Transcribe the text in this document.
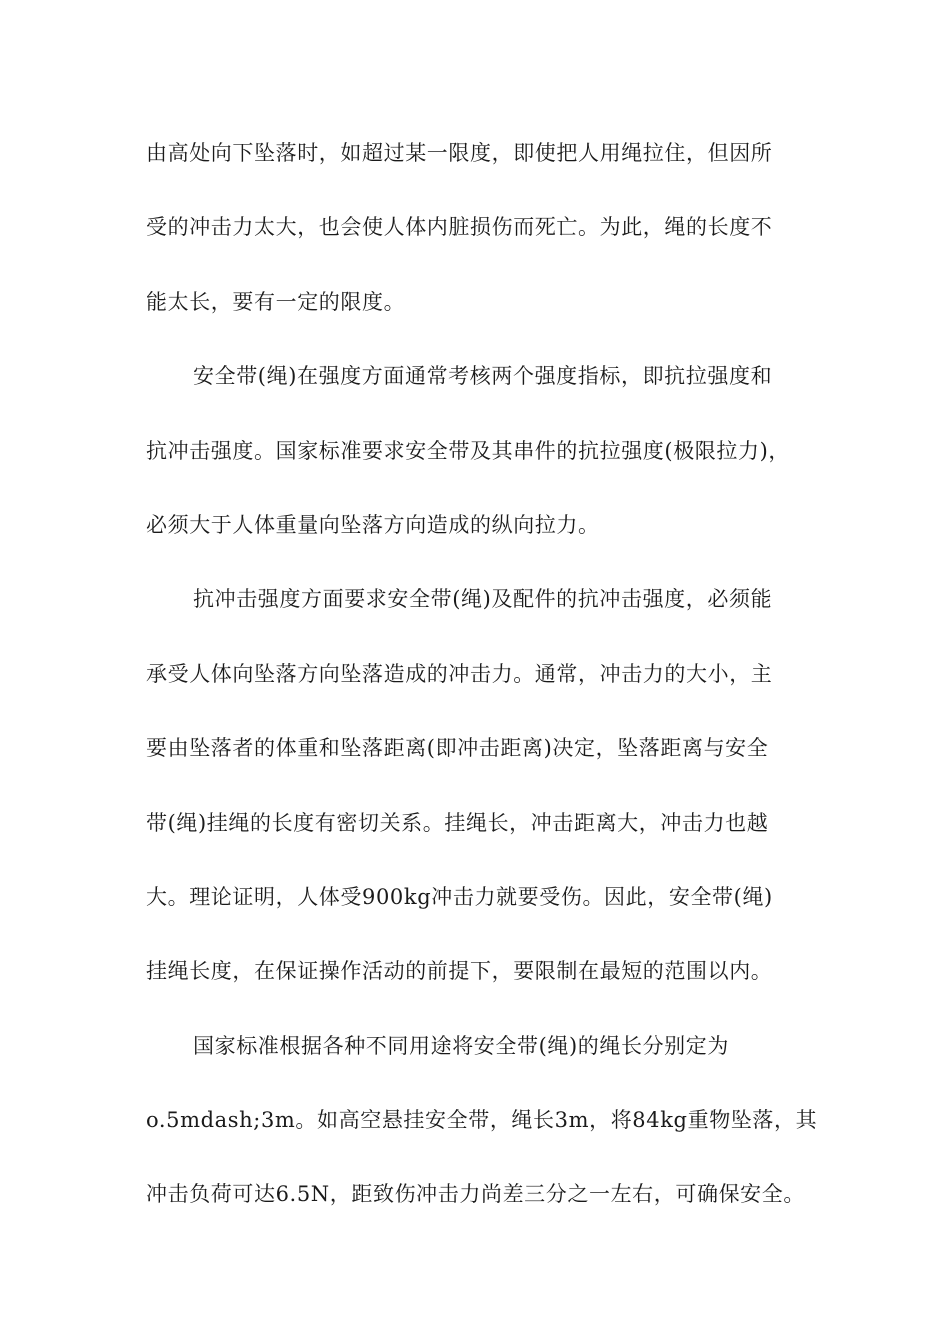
由高处向下坠落时，如超过某一限度，即使把人用绳拉住，但因所
受的冲击力太大，也会使人体内脏损伤而死亡。为此，绳的长度不
能太长，要有一定的限度。
安全带(绳)在强度方面通常考核两个强度指标，即抗拉强度和
抗冲击强度。国家标准要求安全带及其串件的抗拉强度(极限拉力)，
必须大于人体重量向坠落方向造成的纵向拉力。
抗冲击强度方面要求安全带(绳)及配件的抗冲击强度，必须能
承受人体向坠落方向坠落造成的冲击力。通常，冲击力的大小，主
要由坠落者的体重和坠落距离(即冲击距离)决定，坠落距离与安全
带(绳)挂绳的长度有密切关系。挂绳长，冲击距离大，冲击力也越
大。理论证明，人体受900kg冲击力就要受伤。因此，安全带(绳)
挂绳长度，在保证操作活动的前提下，要限制在最短的范围以内。
国家标准根据各种不同用途将安全带(绳)的绳长分别定为
o.5mdash;3m。如高空悬挂安全带，绳长3m，将84kg重物坠落，其
冲击负荷可达6.5N，距致伤冲击力尚差三分之一左右，可确保安全。
